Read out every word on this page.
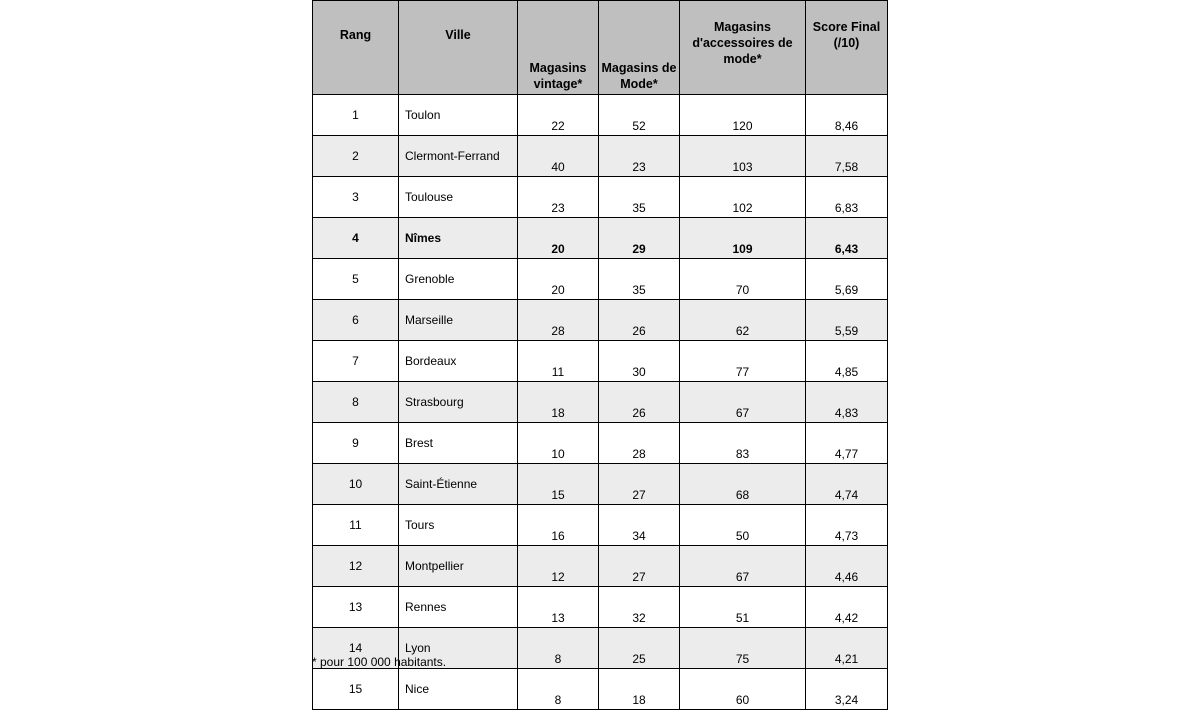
Rang	Ville	Magasins vintage*	Magasins de Mode*	Magasins d'accessoires de mode*	Score Final (/10)
1	Toulon	22	52	120	8,46
2	Clermont-Ferrand	40	23	103	7,58
3	Toulouse	23	35	102	6,83
4	Nîmes	20	29	109	6,43
5	Grenoble	20	35	70	5,69
6	Marseille	28	26	62	5,59
7	Bordeaux	11	30	77	4,85
8	Strasbourg	18	26	67	4,83
9	Brest	10	28	83	4,77
10	Saint-Étienne	15	27	68	4,74
11	Tours	16	34	50	4,73
12	Montpellier	12	27	67	4,46
13	Rennes	13	32	51	4,42
14	Lyon	8	25	75	4,21
15	Nice	8	18	60	3,24

* pour 100 000 habitants.
